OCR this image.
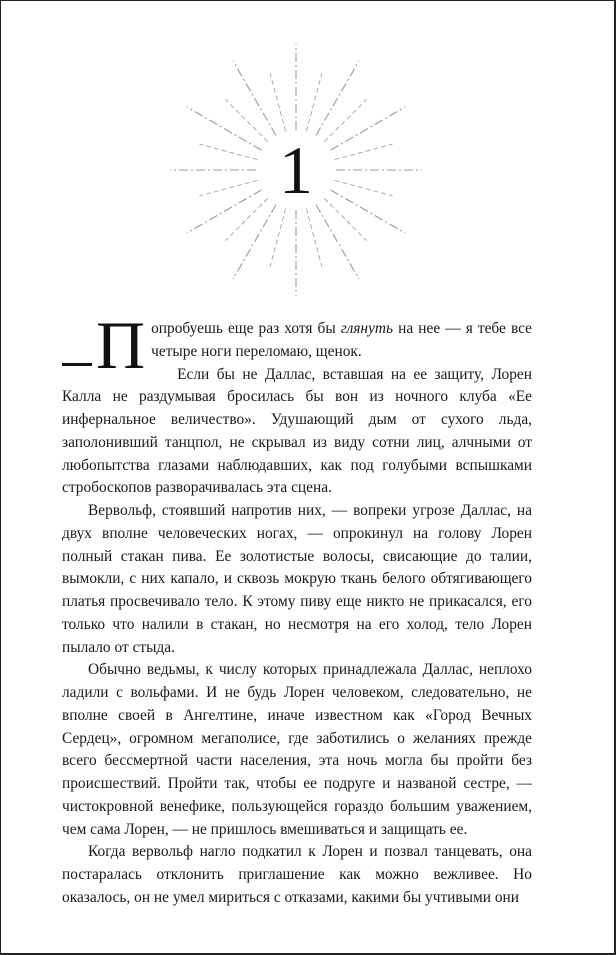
1

Попробуешь еще раз хотя бы глянуть на нее — я тебе все четыре ноги переломаю, щенок.

Если бы не Даллас, вставшая на ее защиту, Лорен Калла не раздумывая бросилась бы вон из ночного клуба «Ее инфернальное величество». Удушающий дым от сухого льда, заполонивший танцпол, не скрывал из виду сотни лиц, алчными от любопытства глазами наблюдавших, как под голубыми вспышками стробоскопов разворачивалась эта сцена.

Вервольф, стоявший напротив них, — вопреки угрозе Даллас, на двух вполне человеческих ногах, — опрокинул на голову Лорен полный стакан пива. Ее золотистые волосы, свисающие до талии, вымокли, с них капало, и сквозь мокрую ткань белого обтягивающего платья просвечивало тело. К этому пиву еще никто не прикасался, его только что налили в стакан, но несмотря на его холод, тело Лорен пылало от стыда.

Обычно ведьмы, к числу которых принадлежала Даллас, неплохо ладили с вольфами. И не будь Лорен человеком, следовательно, не вполне своей в Ангелтине, иначе известном как «Город Вечных Сердец», огромном мегаполисе, где заботились о желаниях прежде всего бессмертной части населения, эта ночь могла бы пройти без происшествий. Пройти так, чтобы ее подруге и названой сестре, — чистокровной венефике, пользующейся гораздо большим уважением, чем сама Лорен, — не пришлось вмешиваться и защищать ее.

Когда вервольф нагло подкатил к Лорен и позвал танцевать, она постаралась отклонить приглашение как можно вежливее. Но оказалось, он не умел мириться с отказами, какими бы учтивыми они
